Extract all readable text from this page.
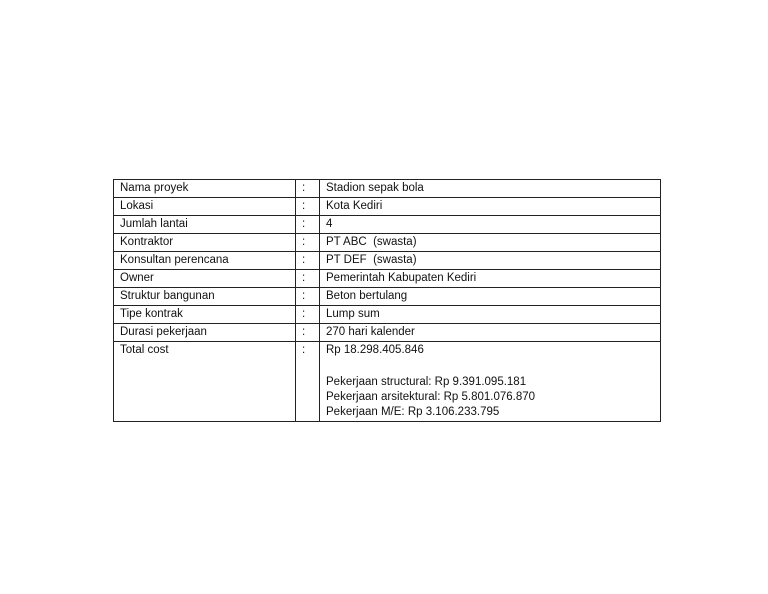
Nama proyek	:	Stadion sepak bola
Lokasi	:	Kota Kediri
Jumlah lantai	:	4
Kontraktor	:	PT ABC  (swasta)
Konsultan perencana	:	PT DEF  (swasta)
Owner	:	Pemerintah Kabupaten Kediri
Struktur bangunan	:	Beton bertulang
Tipe kontrak	:	Lump sum
Durasi pekerjaan	:	270 hari kalender
Total cost	:	Rp 18.298.405.846
Pekerjaan structural: Rp 9.391.095.181
Pekerjaan arsitektural: Rp 5.801.076.870
Pekerjaan M/E: Rp 3.106.233.795
